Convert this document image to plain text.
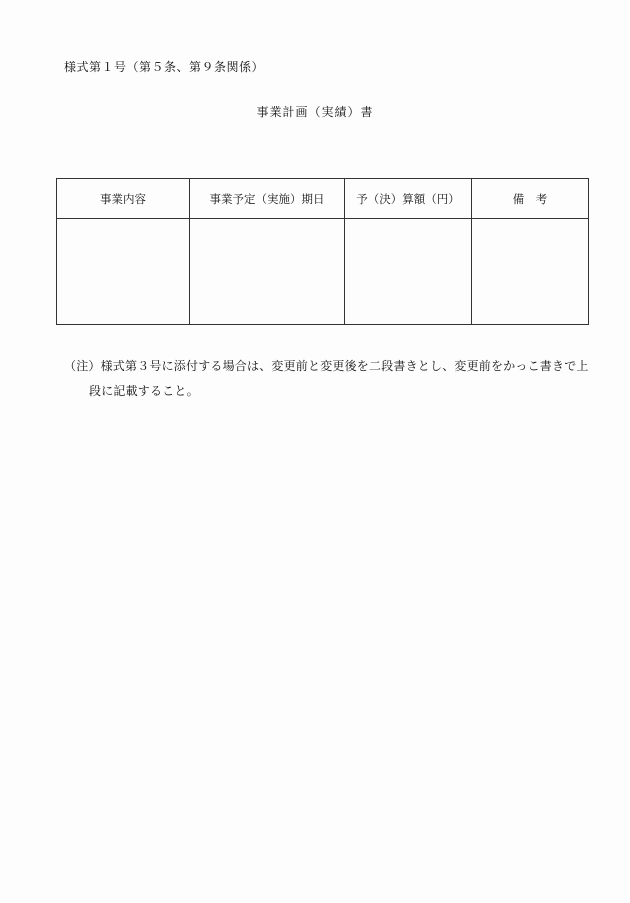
様式第１号（第５条、第９条関係）
事業計画（実績）書
事業内容	事業予定（実施）期日	予（決）算額（円）	備　考

（注）様式第３号に添付する場合は、変更前と変更後を二段書きとし、変更前をかっこ書きで上
段に記載すること。
